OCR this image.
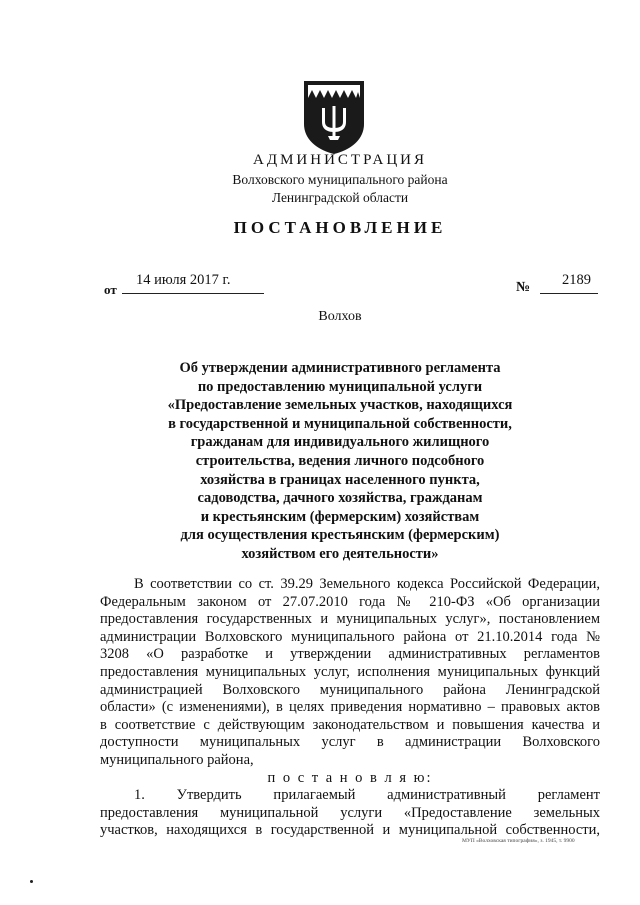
АДМИНИСТРАЦИЯ
Волховского муниципального района
Ленинградской области
ПОСТАНОВЛЕНИЕ
от
14 июля 2017 г.	№ 2189
Волхов
Об утверждении административного регламента
по предоставлению муниципальной услуги
«Предоставление земельных участков, находящихся
в государственной и муниципальной собственности,
гражданам для индивидуального жилищного
строительства, ведения личного подсобного
хозяйства в границах населенного пункта,
садоводства, дачного хозяйства, гражданам
и крестьянским (фермерским) хозяйствам
для осуществления крестьянским (фермерским)
хозяйством его деятельности»
В соответствии со ст. 39.29 Земельного кодекса Российской Федерации,
Федеральным законом от 27.07.2010 года № 210-ФЗ «Об организации
предоставления государственных и муниципальных услуг», постановлением
администрации Волховского муниципального района от 21.10.2014 года №
3208 «О разработке и утверждении административных регламентов
предоставления муниципальных услуг, исполнения муниципальных функций
администрацией Волховского муниципального района Ленинградской
области» (с изменениями), в целях приведения нормативно – правовых актов
в соответствие с действующим законодательством и повышения качества и
доступности муниципальных услуг в администрации Волховского
муниципального района,
п о с т а н о в л я ю:
1. Утвердить прилагаемый административный регламент
предоставления муниципальной услуги «Предоставление земельных
участков, находящихся в государственной и муниципальной собственности,
МУП «Волховская типография», з. 1945, т. 9900
